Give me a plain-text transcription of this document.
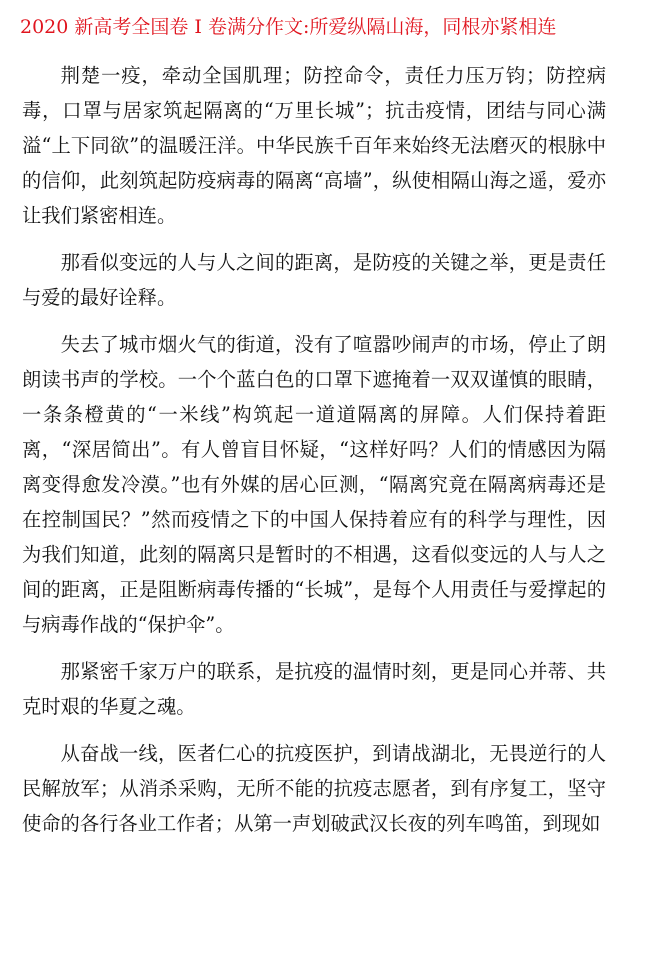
2020 新高考全国卷 I 卷满分作文:所爱纵隔山海，同根亦紧相连

荆楚一疫，牵动全国肌理；防控命令，责任力压万钧；防控病毒，口罩与居家筑起隔离的“万里长城”；抗击疫情，团结与同心满溢“上下同欲”的温暖汪洋。中华民族千百年来始终无法磨灭的根脉中的信仰，此刻筑起防疫病毒的隔离“高墙”，纵使相隔山海之遥，爱亦让我们紧密相连。

那看似变远的人与人之间的距离，是防疫的关键之举，更是责任与爱的最好诠释。

失去了城市烟火气的街道，没有了喧嚣吵闹声的市场，停止了朗朗读书声的学校。一个个蓝白色的口罩下遮掩着一双双谨慎的眼睛，一条条橙黄的“一米线”构筑起一道道隔离的屏障。人们保持着距离，“深居简出”。有人曾盲目怀疑，“这样好吗？人们的情感因为隔离变得愈发冷漠。”也有外媒的居心叵测，“隔离究竟在隔离病毒还是在控制国民？”然而疫情之下的中国人保持着应有的科学与理性，因为我们知道，此刻的隔离只是暂时的不相遇，这看似变远的人与人之间的距离，正是阻断病毒传播的“长城”，是每个人用责任与爱撑起的与病毒作战的“保护伞”。

那紧密千家万户的联系，是抗疫的温情时刻，更是同心并蒂、共克时艰的华夏之魂。

从奋战一线，医者仁心的抗疫医护，到请战湖北，无畏逆行的人民解放军；从消杀采购，无所不能的抗疫志愿者，到有序复工，坚守使命的各行各业工作者；从第一声划破武汉长夜的列车鸣笛，到现如
